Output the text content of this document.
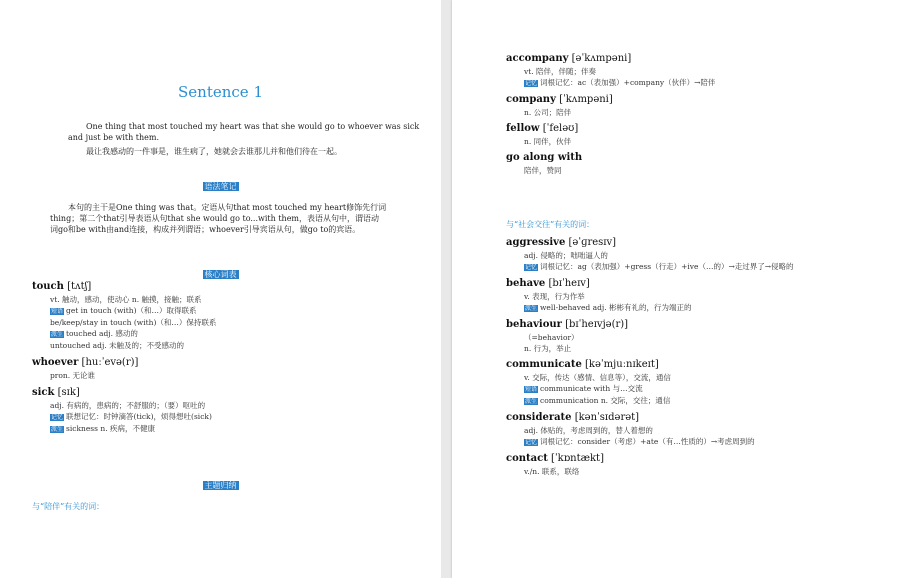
Sentence 1
One thing that most touched my heart was that she would go to whoever was sick
and just be with them.
最让我感动的一件事是，谁生病了，她就会去谁那儿并和他们待在一起。
语法笔记
本句的主干是One thing was that。定语从句that most touched my heart修饰先行词
thing；第二个that引导表语从句that she would go to...with them，表语从句中，谓语动
词go和be with由and连接，构成并列谓语；whoever引导宾语从句，做go to的宾语。
核心词表
touch [tʌtʃ]
vt. 触动，感动，使动心 n. 触摸，接触；联系
短语 get in touch (with)（和…）取得联系
be/keep/stay in touch (with)（和…）保持联系
派生 touched adj. 感动的
untouched adj. 未触及的；不受感动的
whoever [huːˈevə(r)]
pron. 无论谁
sick [sɪk]
adj. 有病的，患病的；不舒服的；（要）呕吐的
记忆 联想记忆：时钟滴答(tick)，烦得想吐(sick)
派生 sickness n. 疾病，不健康
主题归纳
与“陪伴”有关的词：
accompany [əˈkʌmpəni]
vt. 陪伴，伴随；伴奏
记忆 词根记忆：ac（表加强）+company（伙伴）→陪伴
company [ˈkʌmpəni]
n. 公司；陪伴
fellow [ˈfeləʊ]
n. 同伴，伙伴
go along with
陪伴，赞同
与“社会交往”有关的词：
aggressive [əˈɡresɪv]
adj. 侵略的；咄咄逼人的
记忆 词根记忆：ag（表加强）+gress（行走）+ive（…的）→走过界了→侵略的
behave [bɪˈheɪv]
v. 表现，行为作举
派生 well-behaved adj. 彬彬有礼的，行为端正的
behaviour [bɪˈheɪvjə(r)]
（=behavior）
n. 行为，举止
communicate [kəˈmjuːnɪkeɪt]
v. 交际，传达（感情、信息等），交流，通信
短语 communicate with 与…交流
派生 communication n. 交际，交往；通信
considerate [kənˈsɪdərət]
adj. 体贴的，考虑周到的，替人着想的
记忆 词根记忆：consider（考虑）+ate（有…性质的）→考虑周到的
contact [ˈkɒntækt]
v./n. 联系，联络
